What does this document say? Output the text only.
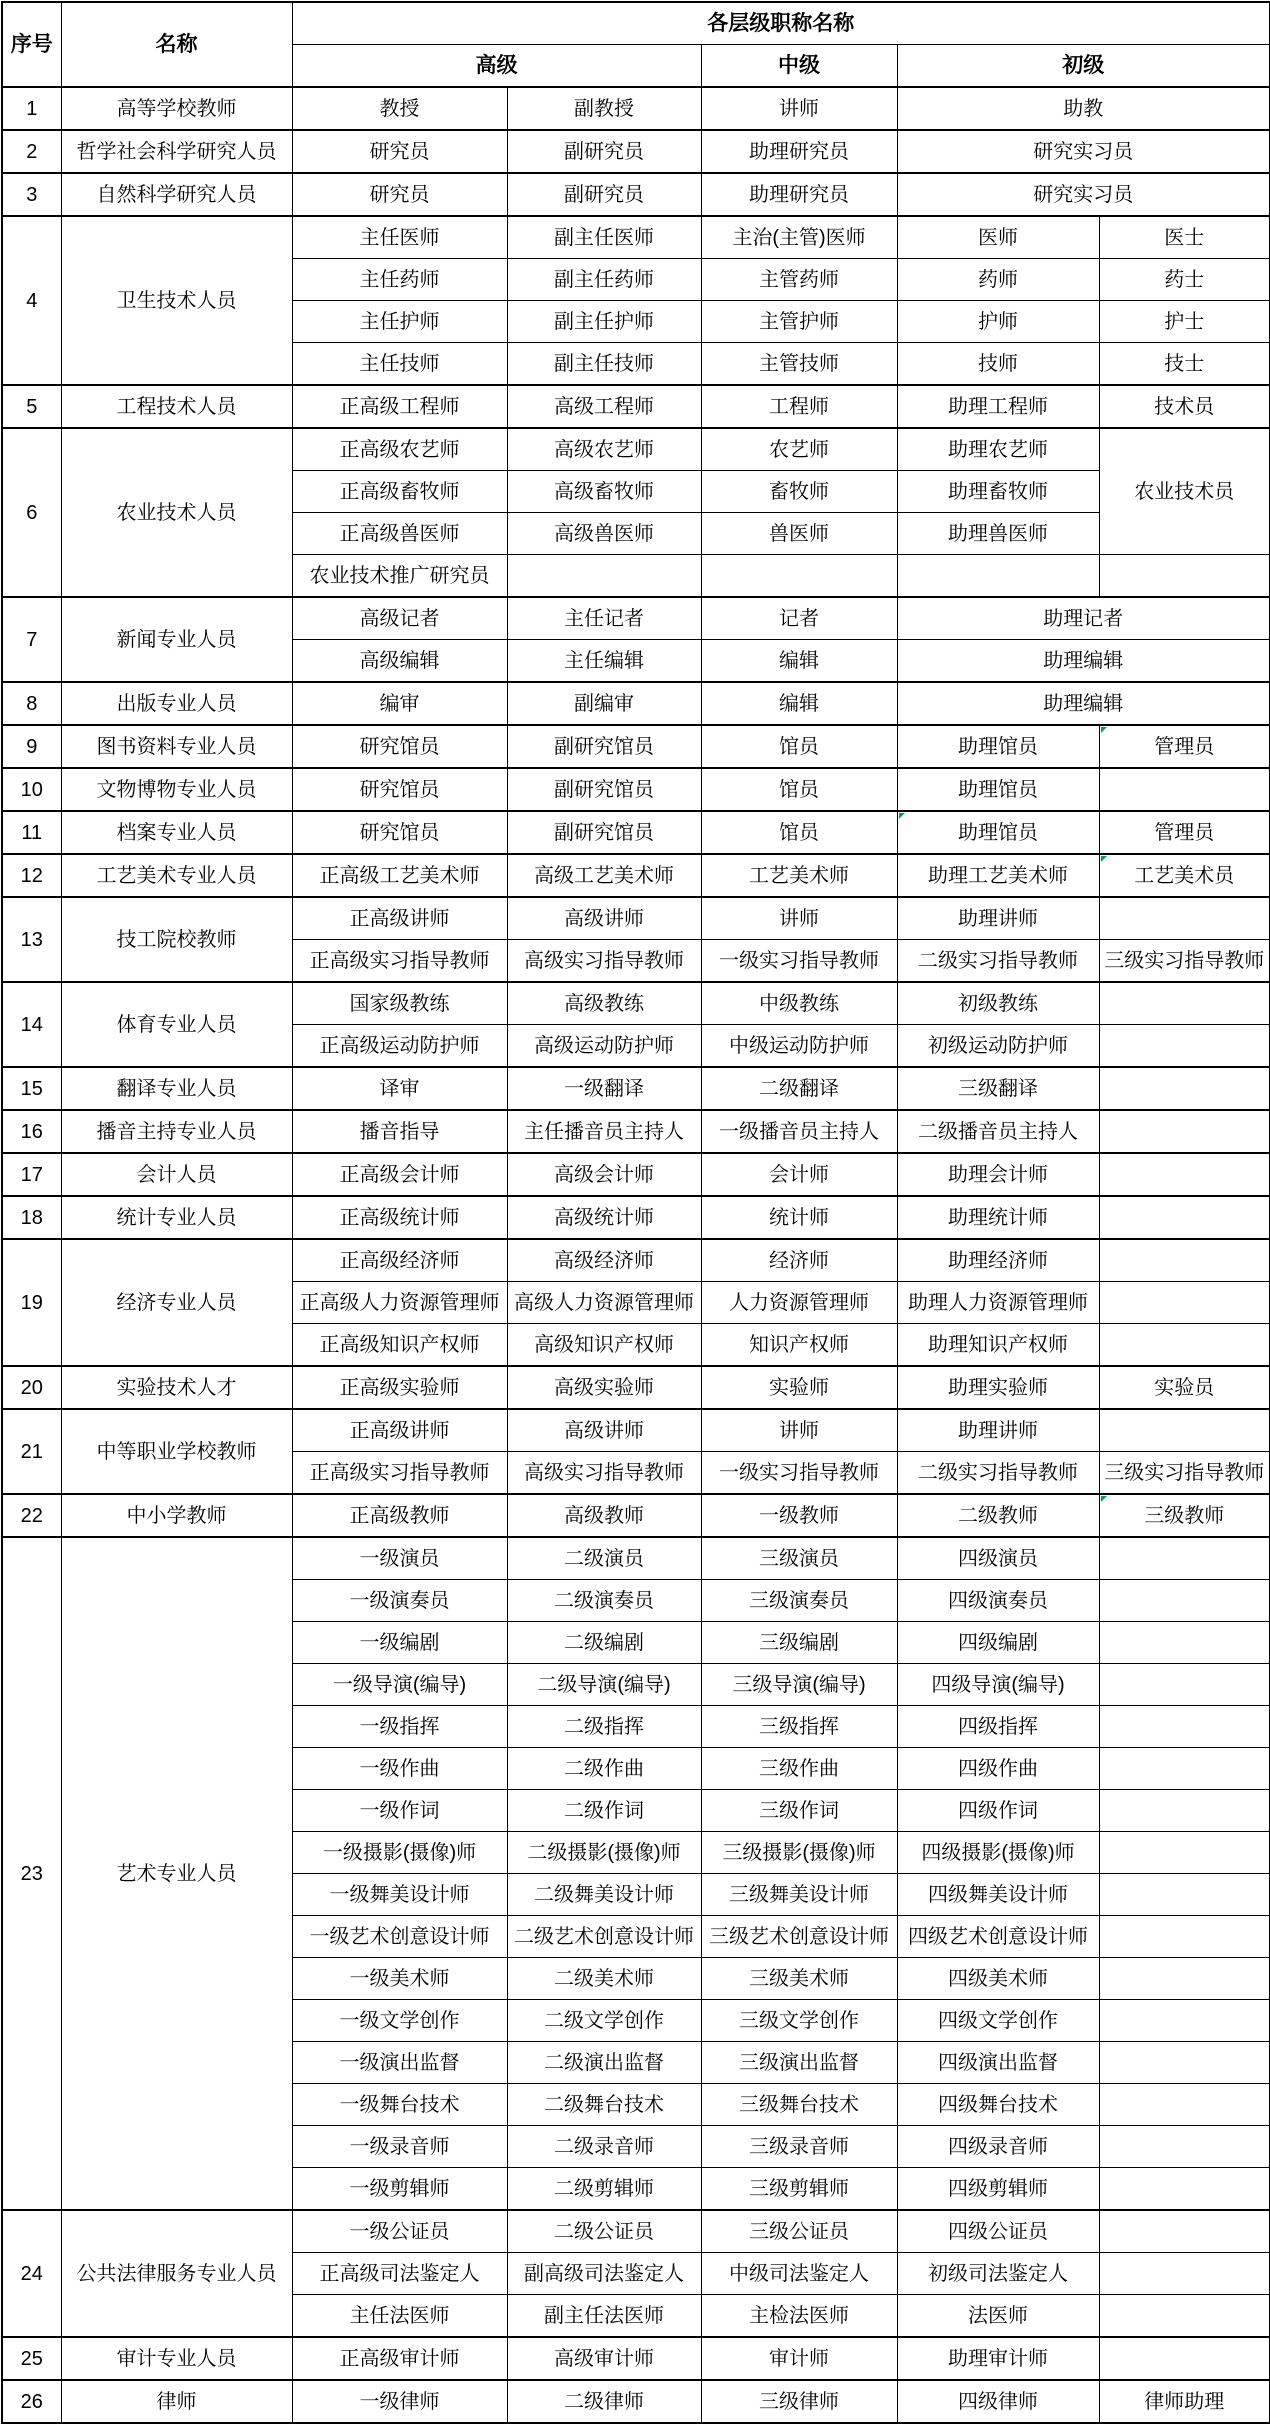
序号	名称	各层级职称名称				
		高级		中级	初级	
1	高等学校教师	教授	副教授	讲师	助教	
2	哲学社会科学研究人员	研究员	副研究员	助理研究员	研究实习员	
3	自然科学研究人员	研究员	副研究员	助理研究员	研究实习员	
4	卫生技术人员	主任医师	副主任医师	主治(主管)医师	医师	医士
		主任药师	副主任药师	主管药师	药师	药士
		主任护师	副主任护师	主管护师	护师	护士
		主任技师	副主任技师	主管技师	技师	技士
5	工程技术人员	正高级工程师	高级工程师	工程师	助理工程师	技术员
6	农业技术人员	正高级农艺师	高级农艺师	农艺师	助理农艺师	农业技术员
		正高级畜牧师	高级畜牧师	畜牧师	助理畜牧师	
		正高级兽医师	高级兽医师	兽医师	助理兽医师	
		农业技术推广研究员				
7	新闻专业人员	高级记者	主任记者	记者	助理记者	
		高级编辑	主任编辑	编辑	助理编辑	
8	出版专业人员	编审	副编审	编辑	助理编辑	
9	图书资料专业人员	研究馆员	副研究馆员	馆员	助理馆员	管理员
10	文物博物专业人员	研究馆员	副研究馆员	馆员	助理馆员	
11	档案专业人员	研究馆员	副研究馆员	馆员	助理馆员	管理员
12	工艺美术专业人员	正高级工艺美术师	高级工艺美术师	工艺美术师	助理工艺美术师	工艺美术员
13	技工院校教师	正高级讲师	高级讲师	讲师	助理讲师	
		正高级实习指导教师	高级实习指导教师	一级实习指导教师	二级实习指导教师	三级实习指导教师
14	体育专业人员	国家级教练	高级教练	中级教练	初级教练	
		正高级运动防护师	高级运动防护师	中级运动防护师	初级运动防护师	
15	翻译专业人员	译审	一级翻译	二级翻译	三级翻译	
16	播音主持专业人员	播音指导	主任播音员主持人	一级播音员主持人	二级播音员主持人	
17	会计人员	正高级会计师	高级会计师	会计师	助理会计师	
18	统计专业人员	正高级统计师	高级统计师	统计师	助理统计师	
19	经济专业人员	正高级经济师	高级经济师	经济师	助理经济师	
		正高级人力资源管理师	高级人力资源管理师	人力资源管理师	助理人力资源管理师	
		正高级知识产权师	高级知识产权师	知识产权师	助理知识产权师	
20	实验技术人才	正高级实验师	高级实验师	实验师	助理实验师	实验员
21	中等职业学校教师	正高级讲师	高级讲师	讲师	助理讲师	
		正高级实习指导教师	高级实习指导教师	一级实习指导教师	二级实习指导教师	三级实习指导教师
22	中小学教师	正高级教师	高级教师	一级教师	二级教师	三级教师
23	艺术专业人员	一级演员	二级演员	三级演员	四级演员	
		一级演奏员	二级演奏员	三级演奏员	四级演奏员	
		一级编剧	二级编剧	三级编剧	四级编剧	
		一级导演(编导)	二级导演(编导)	三级导演(编导)	四级导演(编导)	
		一级指挥	二级指挥	三级指挥	四级指挥	
		一级作曲	二级作曲	三级作曲	四级作曲	
		一级作词	二级作词	三级作词	四级作词	
		一级摄影(摄像)师	二级摄影(摄像)师	三级摄影(摄像)师	四级摄影(摄像)师	
		一级舞美设计师	二级舞美设计师	三级舞美设计师	四级舞美设计师	
		一级艺术创意设计师	二级艺术创意设计师	三级艺术创意设计师	四级艺术创意设计师	
		一级美术师	二级美术师	三级美术师	四级美术师	
		一级文学创作	二级文学创作	三级文学创作	四级文学创作	
		一级演出监督	二级演出监督	三级演出监督	四级演出监督	
		一级舞台技术	二级舞台技术	三级舞台技术	四级舞台技术	
		一级录音师	二级录音师	三级录音师	四级录音师	
		一级剪辑师	二级剪辑师	三级剪辑师	四级剪辑师	
24	公共法律服务专业人员	一级公证员	二级公证员	三级公证员	四级公证员	
		正高级司法鉴定人	副高级司法鉴定人	中级司法鉴定人	初级司法鉴定人	
		主任法医师	副主任法医师	主检法医师	法医师	
25	审计专业人员	正高级审计师	高级审计师	审计师	助理审计师	
26	律师	一级律师	二级律师	三级律师	四级律师	律师助理
